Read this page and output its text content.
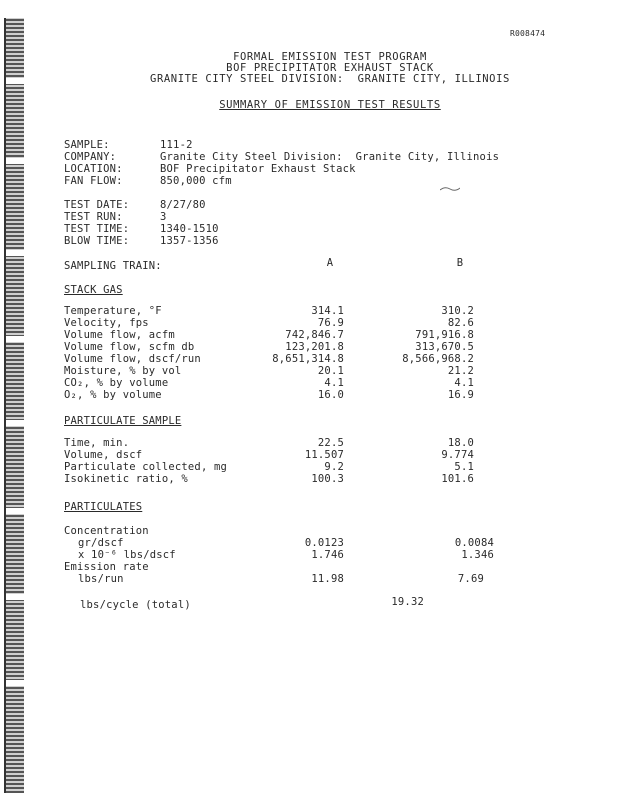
R008474
FORMAL EMISSION TEST PROGRAM
BOF PRECIPITATOR EXHAUST STACK
GRANITE CITY STEEL DIVISION:  GRANITE CITY, ILLINOIS
SUMMARY OF EMISSION TEST RESULTS
SAMPLE:	111-2
COMPANY:	Granite City Steel Division:  Granite City, Illinois
LOCATION:	BOF Precipitator Exhaust Stack
FAN FLOW:	850,000 cfm
TEST DATE:	8/27/80
TEST RUN:	3
TEST TIME:	1340-1510
BLOW TIME:	1357-1356
SAMPLING TRAIN:	A	B
STACK GAS
Temperature, °F	314.1	310.2
Velocity, fps	76.9	82.6
Volume flow, acfm	742,846.7	791,916.8
Volume flow, scfm db	123,201.8	313,670.5
Volume flow, dscf/run	8,651,314.8	8,566,968.2
Moisture, % by vol	20.1	21.2
CO₂, % by volume	4.1	4.1
O₂, % by volume	16.0	16.9
PARTICULATE SAMPLE
Time, min.	22.5	18.0
Volume, dscf	11.507	9.774
Particulate collected, mg	9.2	5.1
Isokinetic ratio, %	100.3	101.6
PARTICULATES
Concentration
gr/dscf	0.0123	0.0084
x 10⁻⁶ lbs/dscf	1.746	1.346
Emission rate
lbs/run	11.98	7.69
lbs/cycle (total)	19.32
